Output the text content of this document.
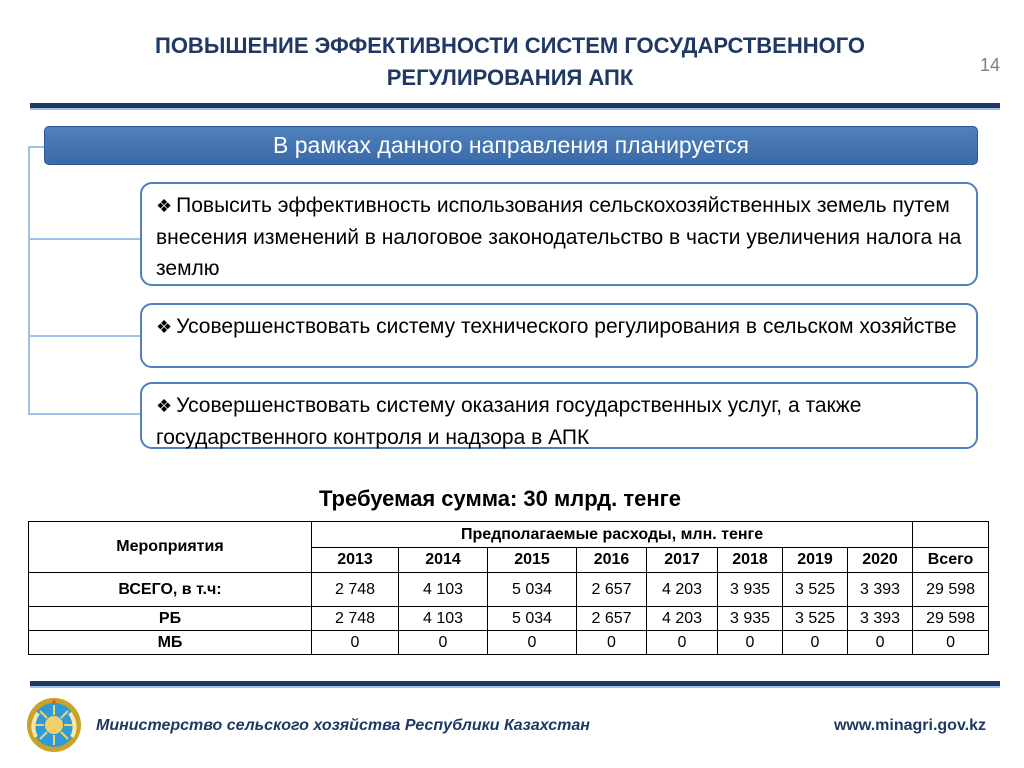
ПОВЫШЕНИЕ ЭФФЕКТИВНОСТИ СИСТЕМ ГОСУДАРСТВЕННОГО РЕГУЛИРОВАНИЯ АПК	14
В рамках данного направления планируется
❖ Повысить эффективность использования сельскохозяйственных земель путем внесения изменений в налоговое законодательство в части увеличения налога на землю
❖ Усовершенствовать систему технического регулирования в сельском хозяйстве
❖ Усовершенствовать систему оказания государственных услуг, а также государственного контроля и надзора в АПК
Требуемая сумма: 30 млрд. тенге
Мероприятия	Предполагаемые расходы, млн. тенге								
	2013	2014	2015	2016	2017	2018	2019	2020	Всего
ВСЕГО, в т.ч:	2 748	4 103	5 034	2 657	4 203	3 935	3 525	3 393	29 598
РБ	2 748	4 103	5 034	2 657	4 203	3 935	3 525	3 393	29 598
МБ	0	0	0	0	0	0	0	0	0
Министерство сельского хозяйства Республики Казахстан	www.minagri.gov.kz
